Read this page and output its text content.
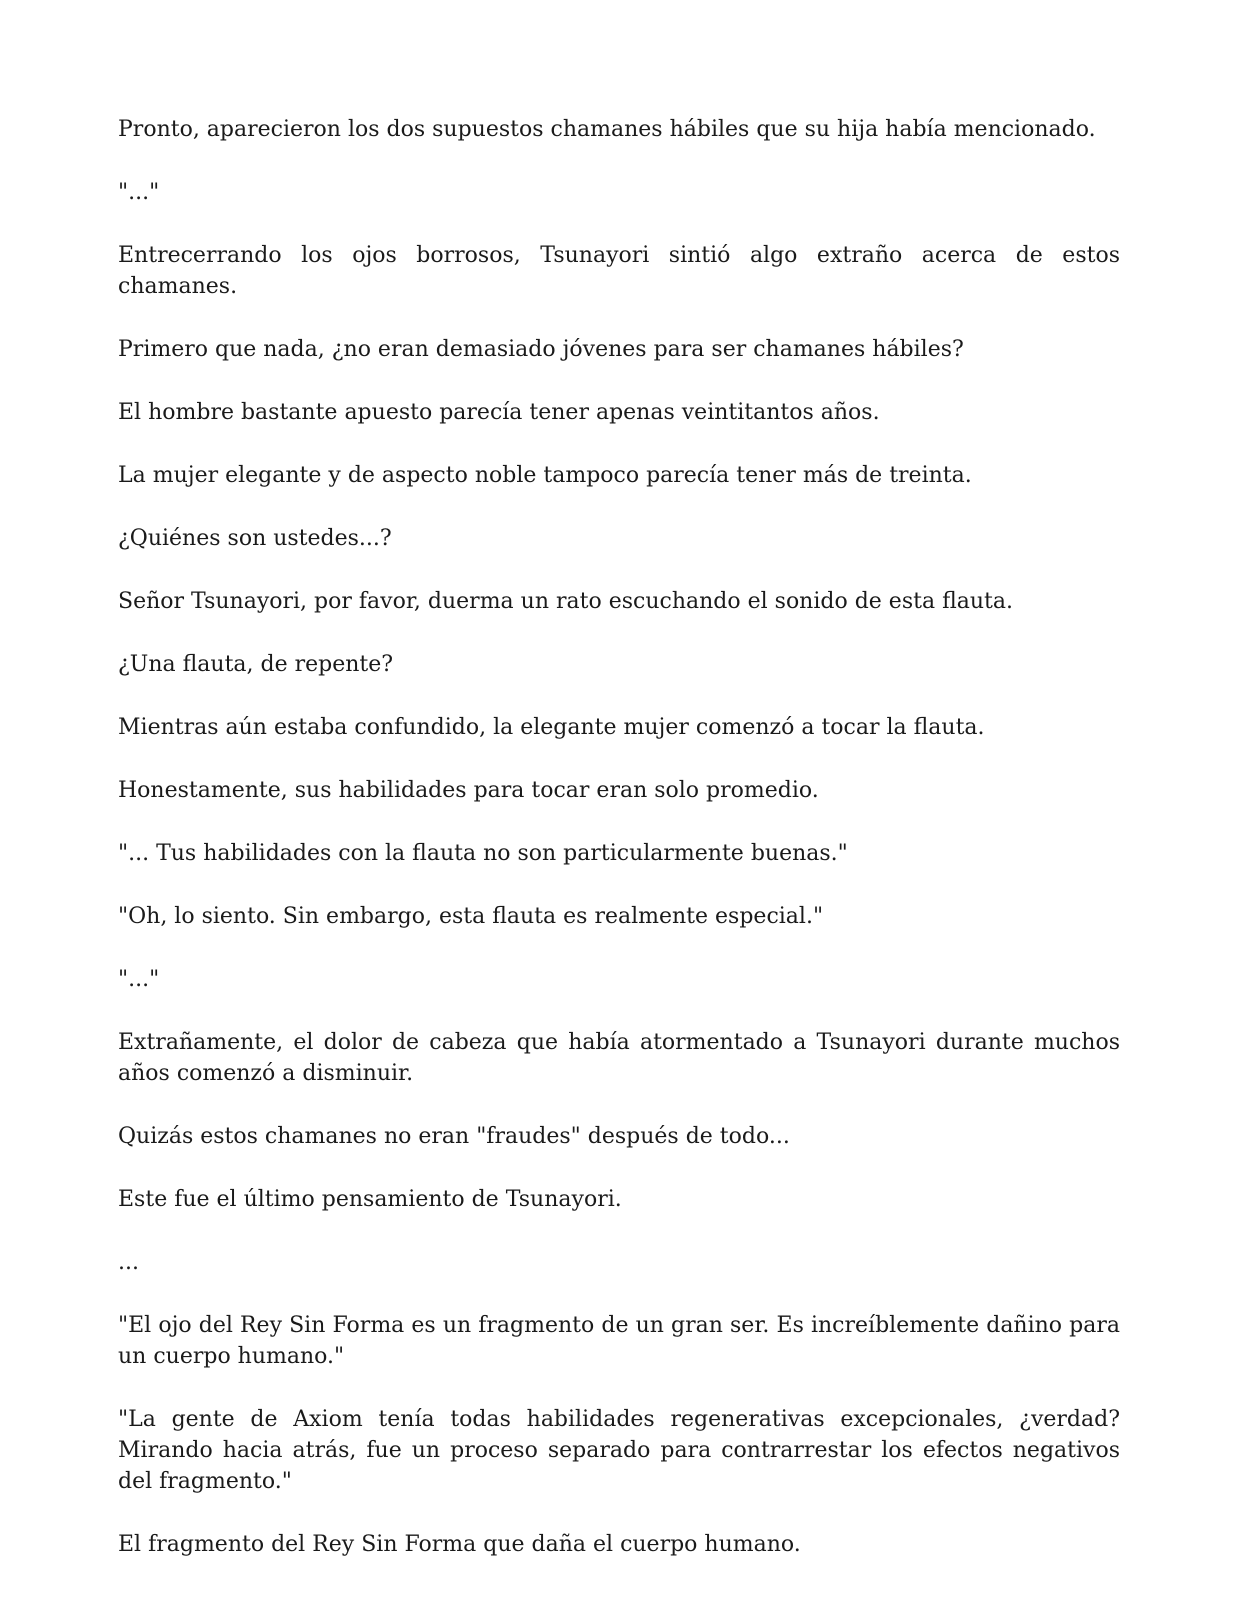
Pronto, aparecieron los dos supuestos chamanes hábiles que su hija había mencionado.

"..."

Entrecerrando los ojos borrosos, Tsunayori sintió algo extraño acerca de estos chamanes.

Primero que nada, ¿no eran demasiado jóvenes para ser chamanes hábiles?

El hombre bastante apuesto parecía tener apenas veintitantos años.

La mujer elegante y de aspecto noble tampoco parecía tener más de treinta.

¿Quiénes son ustedes...?

Señor Tsunayori, por favor, duerma un rato escuchando el sonido de esta flauta.

¿Una flauta, de repente?

Mientras aún estaba confundido, la elegante mujer comenzó a tocar la flauta.

Honestamente, sus habilidades para tocar eran solo promedio.

"... Tus habilidades con la flauta no son particularmente buenas."

"Oh, lo siento. Sin embargo, esta flauta es realmente especial."

"..."

Extrañamente, el dolor de cabeza que había atormentado a Tsunayori durante muchos años comenzó a disminuir.

Quizás estos chamanes no eran "fraudes" después de todo...

Este fue el último pensamiento de Tsunayori.

...

"El ojo del Rey Sin Forma es un fragmento de un gran ser. Es increíblemente dañino para un cuerpo humano."

"La gente de Axiom tenía todas habilidades regenerativas excepcionales, ¿verdad? Mirando hacia atrás, fue un proceso separado para contrarrestar los efectos negativos del fragmento."

El fragmento del Rey Sin Forma que daña el cuerpo humano.
